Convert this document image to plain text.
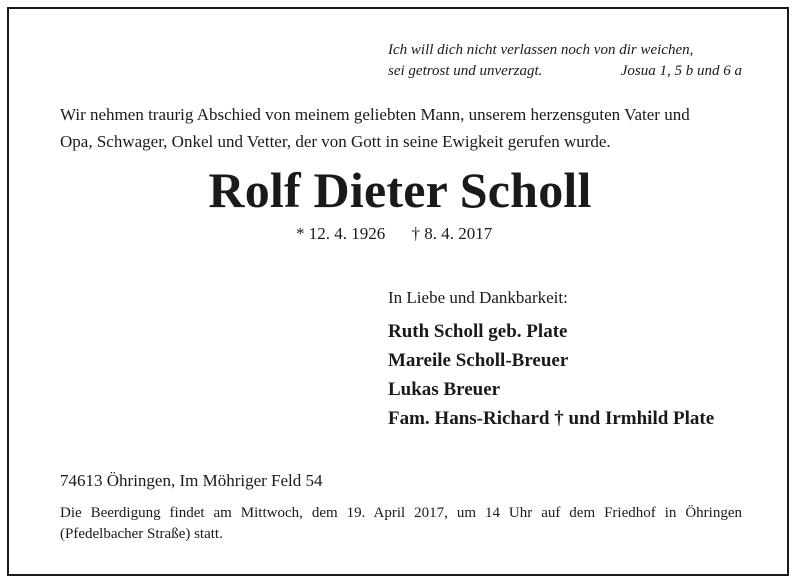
Ich will dich nicht verlassen noch von dir weichen,
sei getrost und unverzagt.	Josua 1, 5 b und 6 a
Wir nehmen traurig Abschied von meinem geliebten Mann, unserem herzensguten Vater und
Opa, Schwager, Onkel und Vetter, der von Gott in seine Ewigkeit gerufen wurde.
Rolf Dieter Scholl
* 12. 4. 1926 † 8. 4. 2017
In Liebe und Dankbarkeit:
Ruth Scholl geb. Plate
Mareile Scholl-Breuer
Lukas Breuer
Fam. Hans-Richard † und Irmhild Plate
74613 Öhringen, Im Möhriger Feld 54
Die Beerdigung findet am Mittwoch, dem 19. April 2017, um 14 Uhr auf dem Friedhof in Öhringen
(Pfedelbacher Straße) statt.
